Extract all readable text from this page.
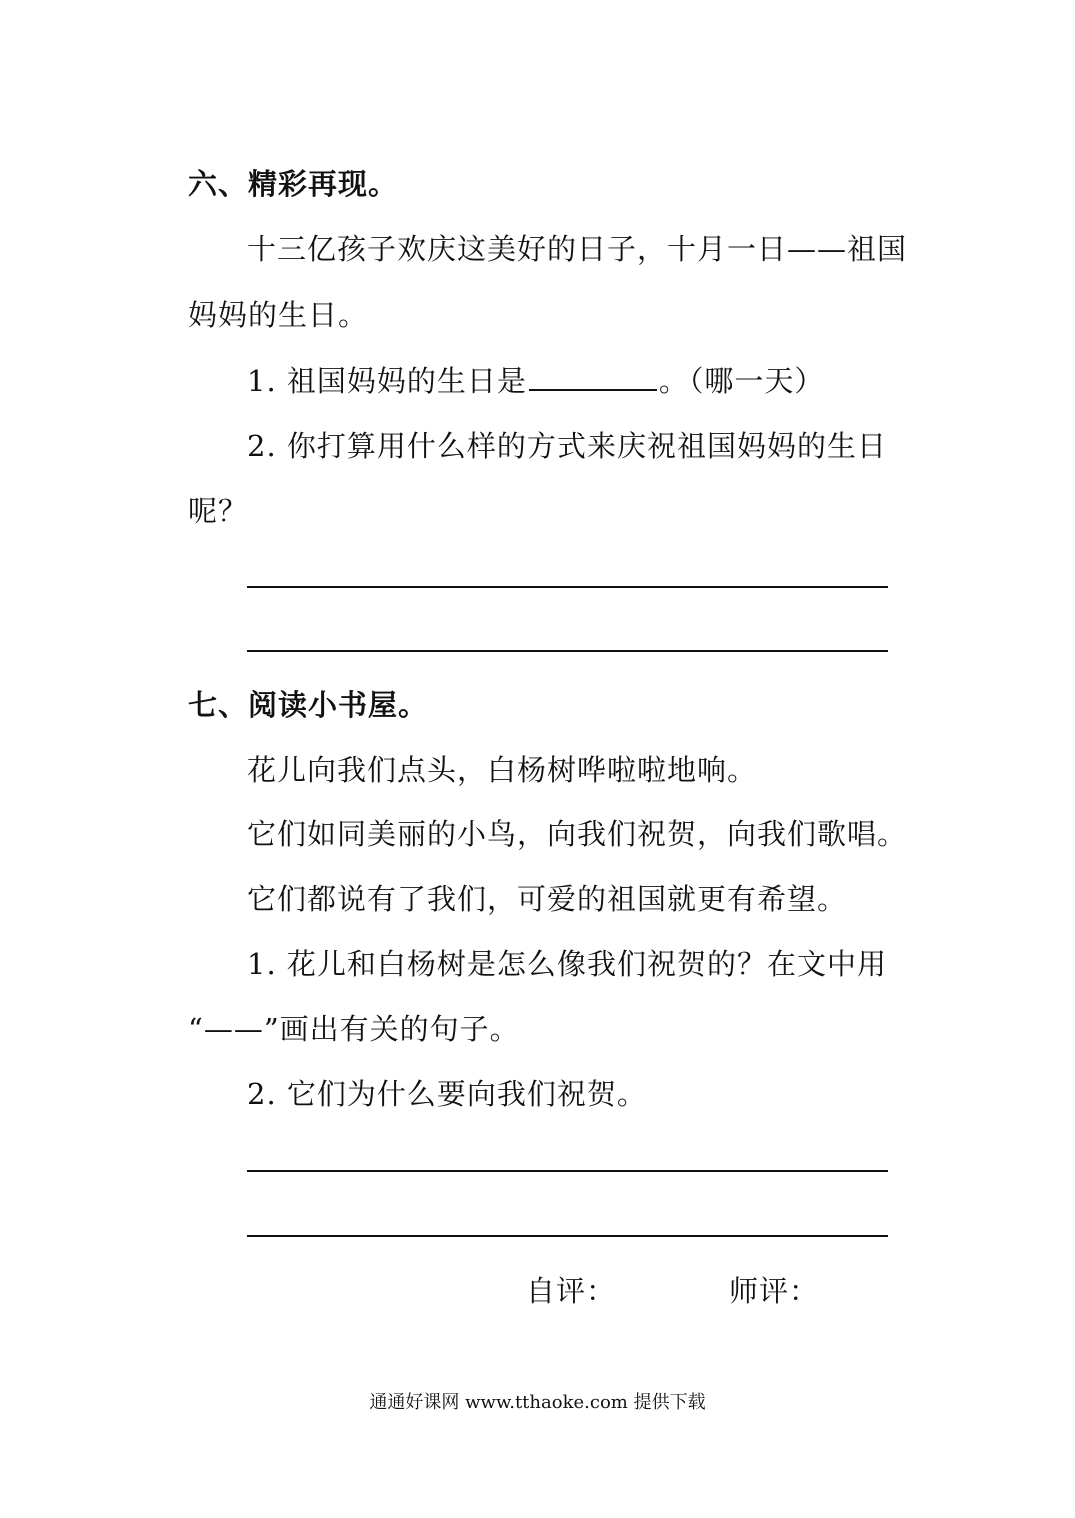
六、精彩再现。
十三亿孩子欢庆这美好的日子，十月一日——祖国
妈妈的生日。
1. 祖国妈妈的生日是	。（哪一天）
2. 你打算用什么样的方式来庆祝祖国妈妈的生日
呢？
七、阅读小书屋。
花儿向我们点头，白杨树哗啦啦地响。
它们如同美丽的小鸟，向我们祝贺，向我们歌唱。
它们都说有了我们，可爱的祖国就更有希望。
1. 花儿和白杨树是怎么像我们祝贺的？在文中用
“——”画出有关的句子。
2. 它们为什么要向我们祝贺。
自评：	师评：
通通好课网 www.tthaoke.com 提供下载
